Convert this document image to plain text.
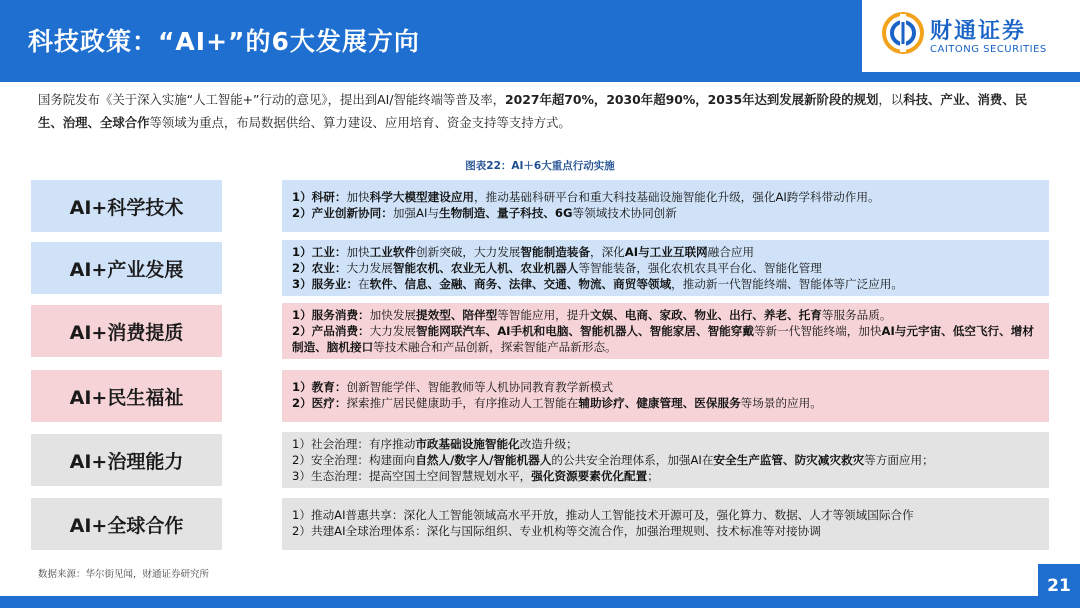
科技政策：“AI+”的6大发展方向	财通证券
CAITONG SECURITIES
国务院发布《关于深入实施“人工智能+”行动的意见》，提出到AI/智能终端等普及率，2027年超70%，2030年超90%，2035年达到发展新阶段的规划，以科技、产业、消费、民生、治理、全球合作等领域为重点，布局数据供给、算力建设、应用培育、资金支持等支持方式。
图表22：AI＋6大重点行动实施
AI+科学技术	1）科研：加快科学大模型建设应用，推动基础科研平台和重大科技基础设施智能化升级，强化AI跨学科带动作用。
2）产业创新协同：加强AI与生物制造、量子科技、6G等领域技术协同创新
AI+产业发展
1）工业：加快工业软件创新突破，大力发展智能制造装备，深化AI与工业互联网融合应用
2）农业：大力发展智能农机、农业无人机、农业机器人等智能装备，强化农机农具平台化、智能化管理
3）服务业：在软件、信息、金融、商务、法律、交通、物流、商贸等领域，推动新一代智能终端、智能体等广泛应用。
AI+消费提质
1）服务消费：加快发展提效型、陪伴型等智能应用，提升文娱、电商、家政、物业、出行、养老、托育等服务品质。
2）产品消费：大力发展智能网联汽车、AI手机和电脑、智能机器人、智能家居、智能穿戴等新一代智能终端，加快AI与元宇宙、低空飞行、增材制造、脑机接口等技术融合和产品创新，探索智能产品新形态。
AI+民生福祉	1）教育：创新智能学伴、智能教师等人机协同教育教学新模式
2）医疗：探索推广居民健康助手，有序推动人工智能在辅助诊疗、健康管理、医保服务等场景的应用。
AI+治理能力
1）社会治理：有序推动市政基础设施智能化改造升级；
2）安全治理：构建面向自然人/数字人/智能机器人的公共安全治理体系，加强AI在安全生产监管、防灾减灾救灾等方面应用；
3）生态治理：提高空国土空间智慧规划水平，强化资源要素优化配置；
AI+全球合作	1）推动AI普惠共享：深化人工智能领域高水平开放，推动人工智能技术开源可及，强化算力、数据、人才等领域国际合作
2）共建AI全球治理体系：深化与国际组织、专业机构等交流合作，加强治理规则、技术标准等对接协调
数据来源：华尔街见闻，财通证券研究所
21
